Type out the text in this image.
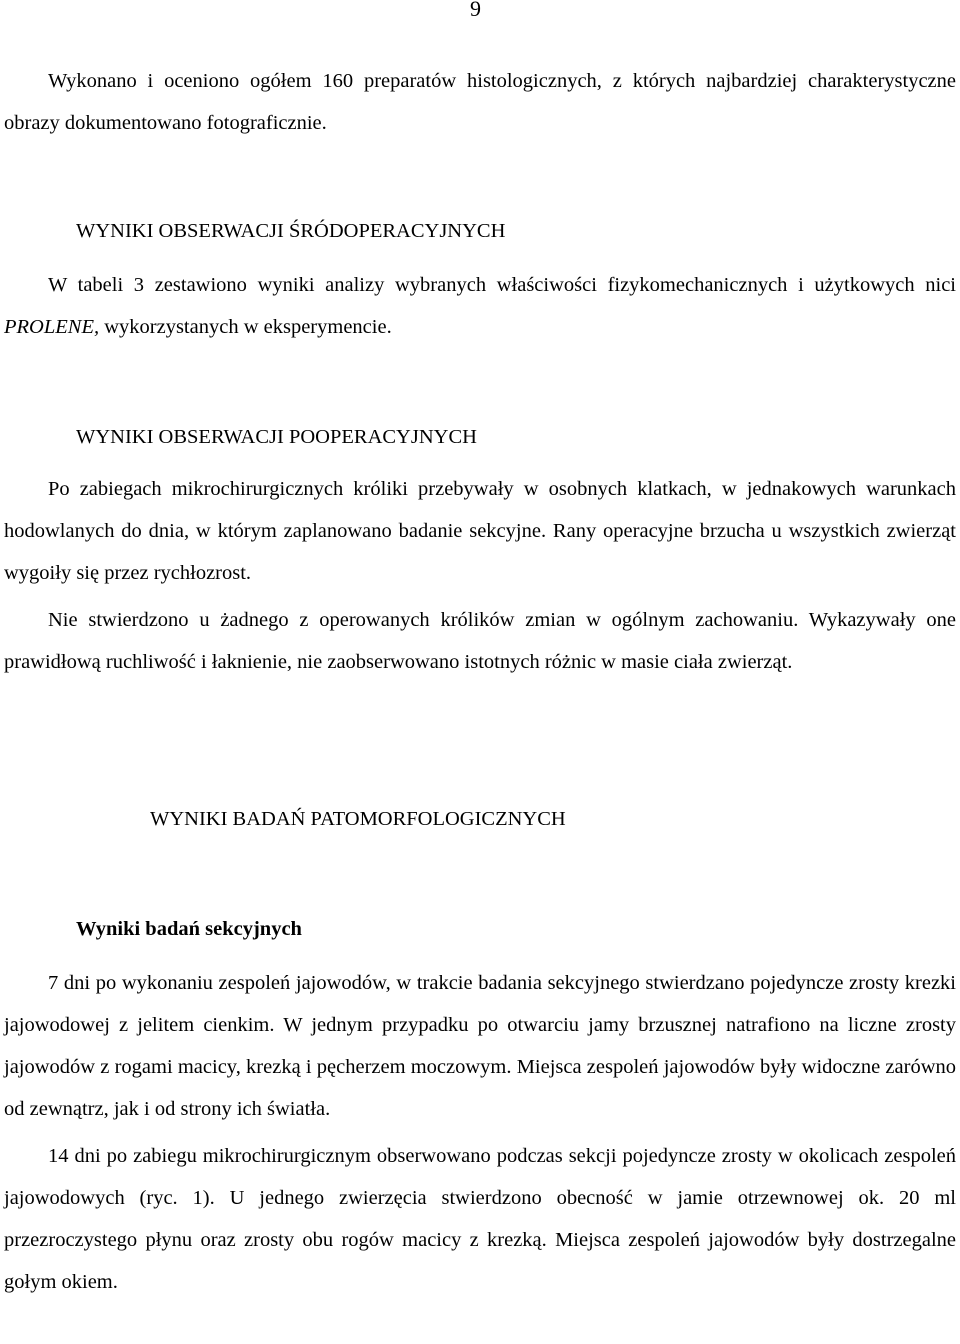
9

Wykonano i oceniono ogółem 160 preparatów histologicznych, z których najbardziej charakterystyczne obrazy dokumentowano fotograficznie.

WYNIKI OBSERWACJI ŚRÓDOPERACYJNYCH

W tabeli 3 zestawiono wyniki analizy wybranych właściwości fizykomechanicznych i użytkowych nici PROLENE, wykorzystanych w eksperymencie.

WYNIKI OBSERWACJI POOPERACYJNYCH

Po zabiegach mikrochirurgicznych króliki przebywały w osobnych klatkach, w jednakowych warunkach hodowlanych do dnia, w którym zaplanowano badanie sekcyjne. Rany operacyjne brzucha u wszystkich zwierząt wygoiły się przez rychłozrost.

Nie stwierdzono u żadnego z operowanych królików zmian w ogólnym zachowaniu. Wykazywały one prawidłową ruchliwość i łaknienie, nie zaobserwowano istotnych różnic w masie ciała zwierząt.

WYNIKI BADAŃ PATOMORFOLOGICZNYCH
Wyniki badań sekcyjnych

7 dni po wykonaniu zespoleń jajowodów, w trakcie badania sekcyjnego stwierdzano pojedyncze zrosty krezki jajowodowej z jelitem cienkim. W jednym przypadku po otwarciu jamy brzusznej natrafiono na liczne zrosty jajowodów z rogami macicy, krezką i pęcherzem moczowym. Miejsca zespoleń jajowodów były widoczne zarówno od zewnątrz, jak i od strony ich światła.

14 dni po zabiegu mikrochirurgicznym obserwowano podczas sekcji pojedyncze zrosty w okolicach zespoleń jajowodowych (ryc. 1). U jednego zwierzęcia stwierdzono obecność w jamie otrzewnowej ok. 20 ml przezroczystego płynu oraz zrosty obu rogów macicy z krezką. Miejsca zespoleń jajowodów były dostrzegalne gołym okiem.
